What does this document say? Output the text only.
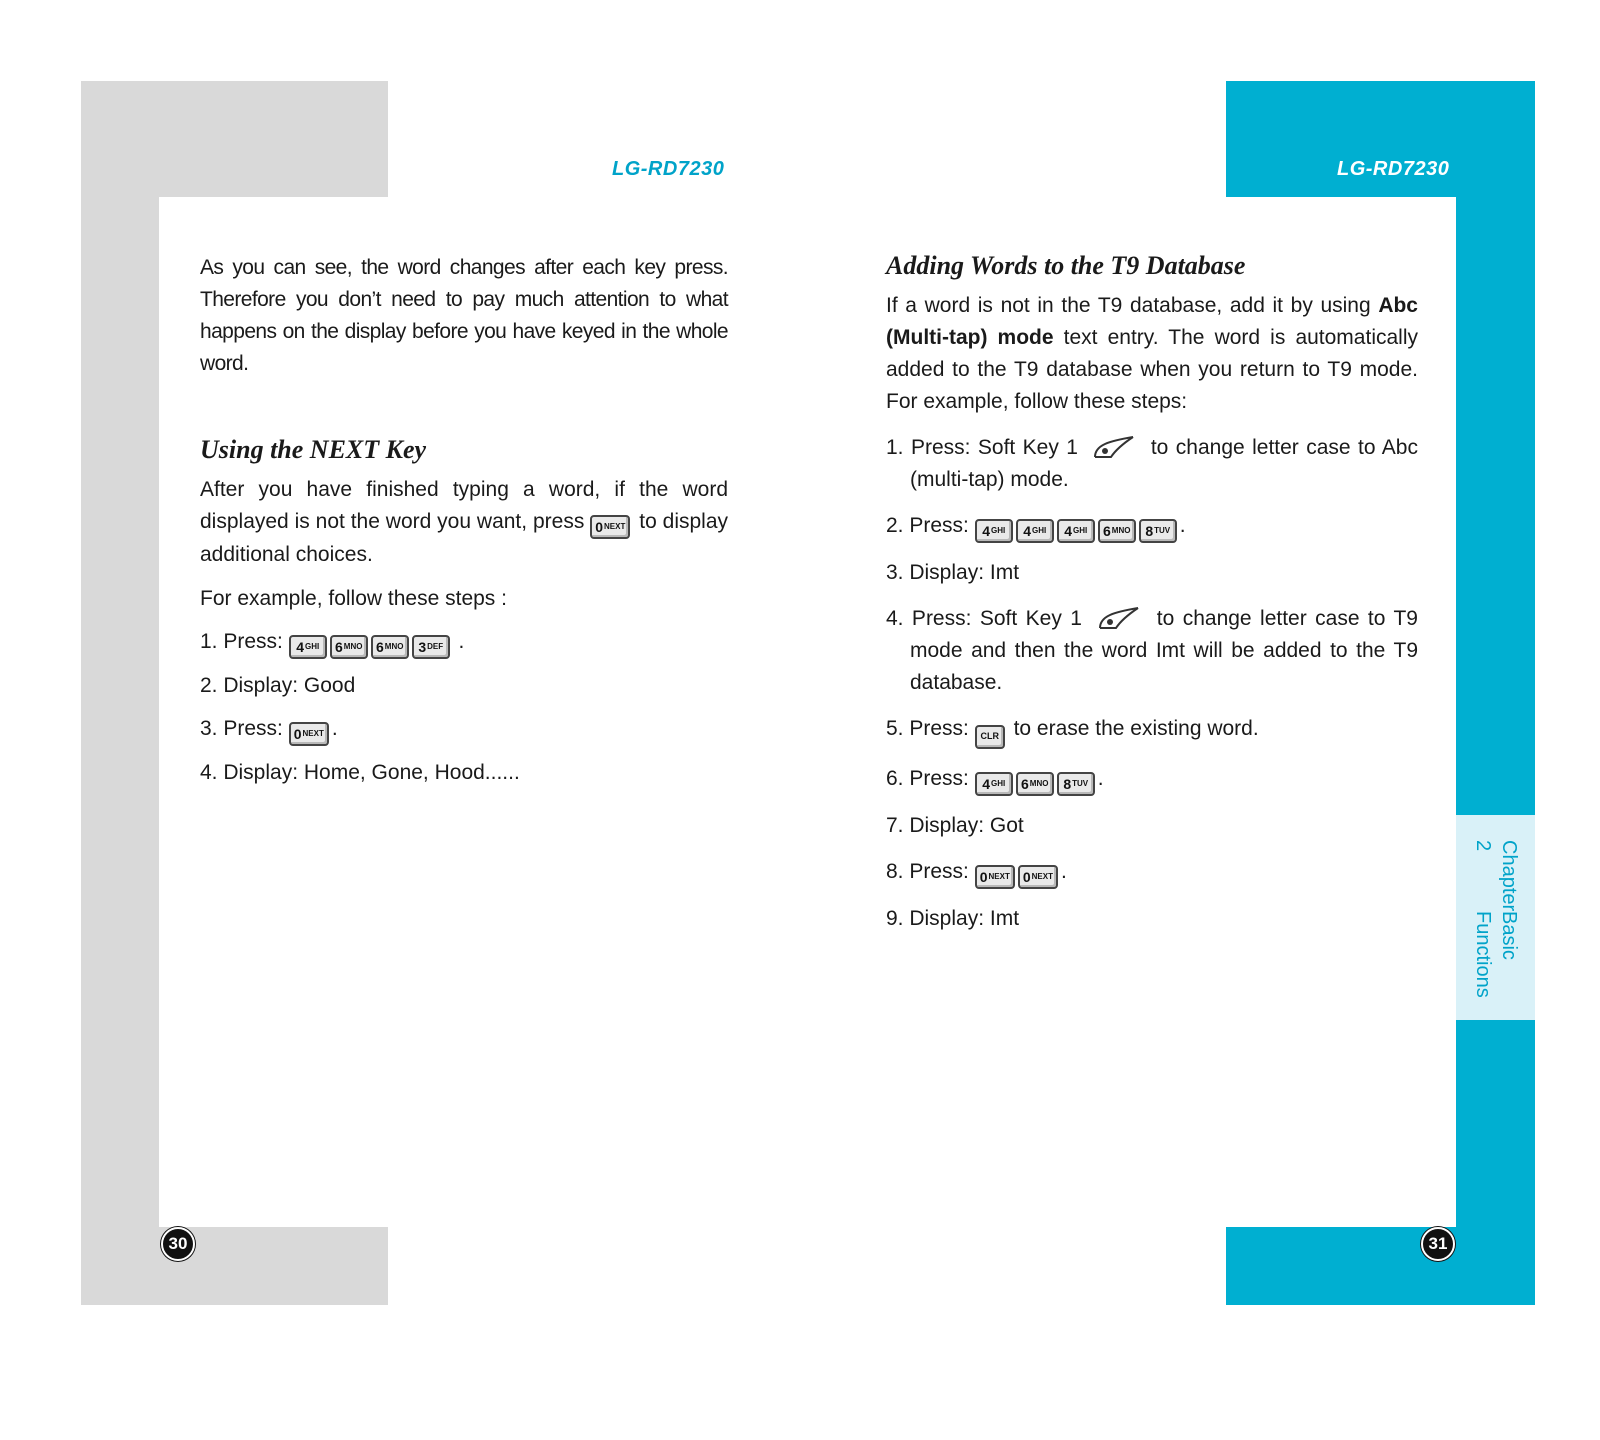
LG-RD7230	LG-RD7230
Chapter 2
Basic Functions
30	31

As you can see, the word changes after each key press. Therefore you don’t need to pay much attention to what happens on the display before you have keyed in the whole word.

Using the NEXT Key

After you have finished typing a word, if the word displayed is not the word you want, press 0 NEXT to display additional choices.

For example, follow these steps :

1. Press: 4 GHI 6 MNO 6 MNO 3 DEF .
2. Display: Good
3. Press: 0 NEXT .
4. Display: Home, Gone, Hood......
Adding Words to the T9 Database

If a word is not in the T9 database, add it by using Abc (Multi-tap) mode text entry. The word is automatically added to the T9 database when you return to T9 mode. For example, follow these steps:

1. Press: Soft Key 1	to change letter case to Abc (multi-tap) mode.
2. Press: 4 GHI 4 GHI 4 GHI 6 MNO 8 TUV .
3. Display: Imt
4. Press: Soft Key 1	to change letter case to T9 mode and then the word Imt will be added to the T9 database.
5. Press: CLR to erase the existing word.
6. Press: 4 GHI 6 MNO 8 TUV .
7. Display: Got
8. Press: 0 NEXT 0 NEXT .
9. Display: Imt
